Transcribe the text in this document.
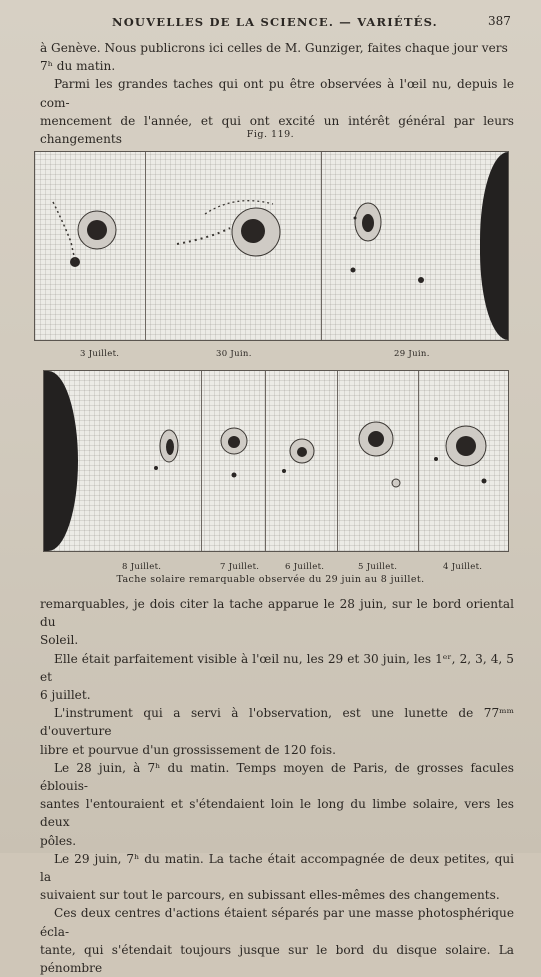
NOUVELLES DE LA SCIENCE. — VARIÉTÉS.	387

à Genève. Nous publicrons ici celles de M. Gunziger, faites chaque jour vers

7ʰ du matin.

Parmi les grandes taches qui ont pu être observées à l'œil nu, depuis le com-

mencement de l'année, et qui ont excité un intérêt général par leurs changements	Fig. 119.
3 Juillet.	30 Juin.	29 Juin.
8 Juillet.	7 Juillet.	6 Juillet.	5 Juillet.	4 Juillet.
Tache solaire remarquable observée du 29 juin au 8 juillet.

remarquables, je dois citer la tache apparue le 28 juin, sur le bord oriental du

Soleil.

Elle était parfaitement visible à l'œil nu, les 29 et 30 juin, les 1ᵉʳ, 2, 3, 4, 5 et

6 juillet.

L'instrument qui a servi à l'observation, est une lunette de 77ᵐᵐ d'ouverture

libre et pourvue d'un grossissement de 120 fois.

Le 28 juin, à 7ʰ du matin. Temps moyen de Paris, de grosses facules éblouis-

santes l'entouraient et s'étendaient loin le long du limbe solaire, vers les deux

pôles.

Le 29 juin, 7ʰ du matin. La tache était accompagnée de deux petites, qui la

suivaient sur tout le parcours, en subissant elles-mêmes des changements.

Ces deux centres d'actions étaient séparés par une masse photosphérique écla-

tante, qui s'étendait toujours jusque sur le bord du disque solaire. La pénombre
